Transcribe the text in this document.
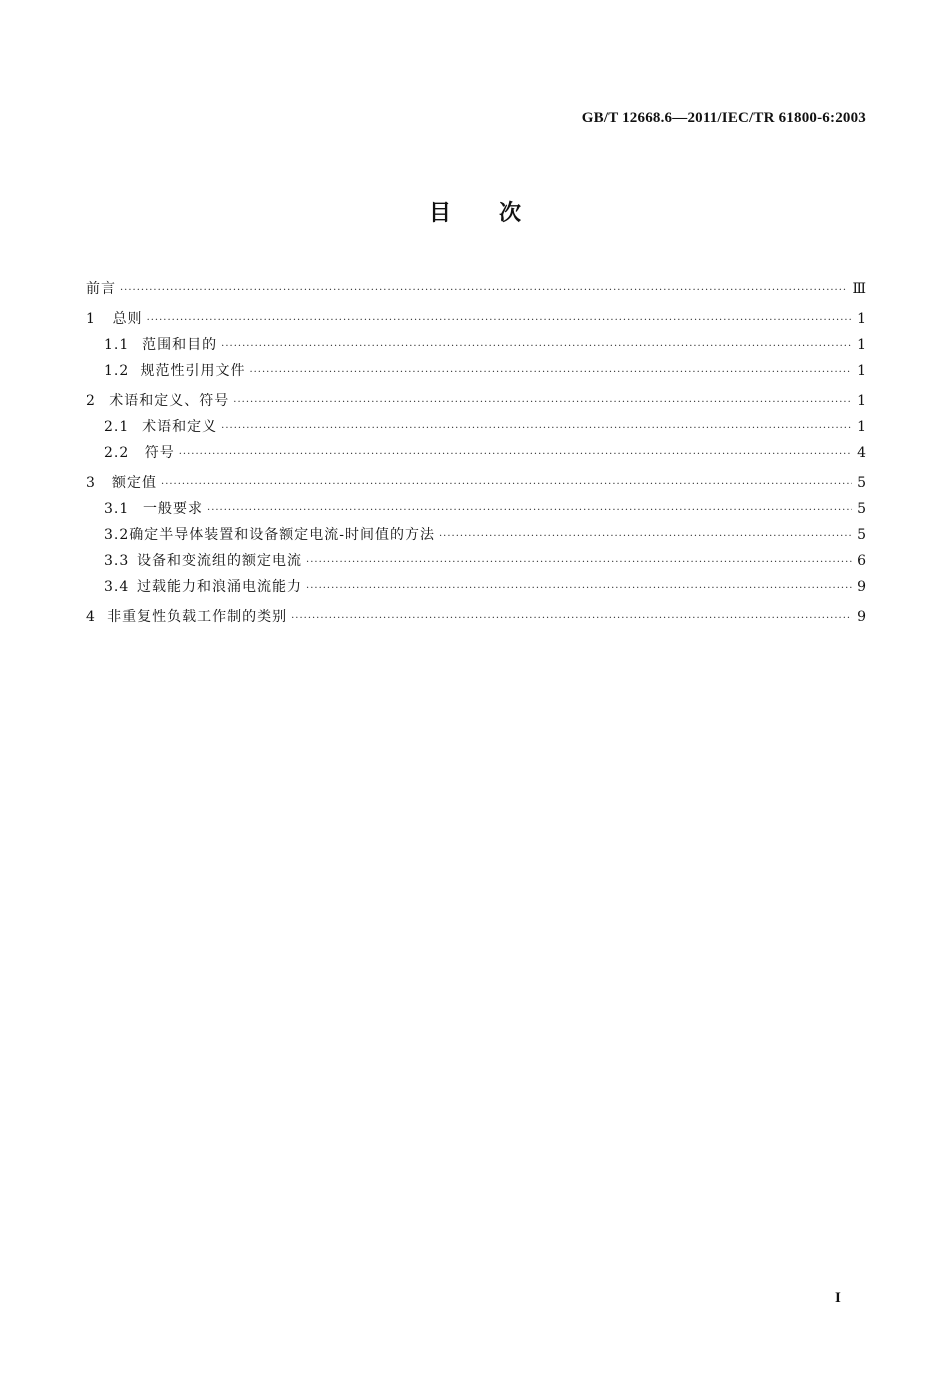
GB/T 12668.6—2011/IEC/TR 61800-6:2003
目次
前言 ·····	Ⅲ
1	总则 ·····	1
1.1 范围和目的 ·····	1
1.2 规范性引用文件 ·····	1
2	术语和定义、符号 ·····	1
2.1 术语和定义 ·····	1
2.2	符号 ·····	4
3	额定值 ·····	5
3.1 一般要求 ·····	5
3.2 确定半导体装置和设备额定电流-时间值的方法 ·····	5
3.3 设备和变流组的额定电流 ·····	6
3.4 过载能力和浪涌电流能力 ·····	9
4 非重复性负载工作制的类别 ·····	9
I
